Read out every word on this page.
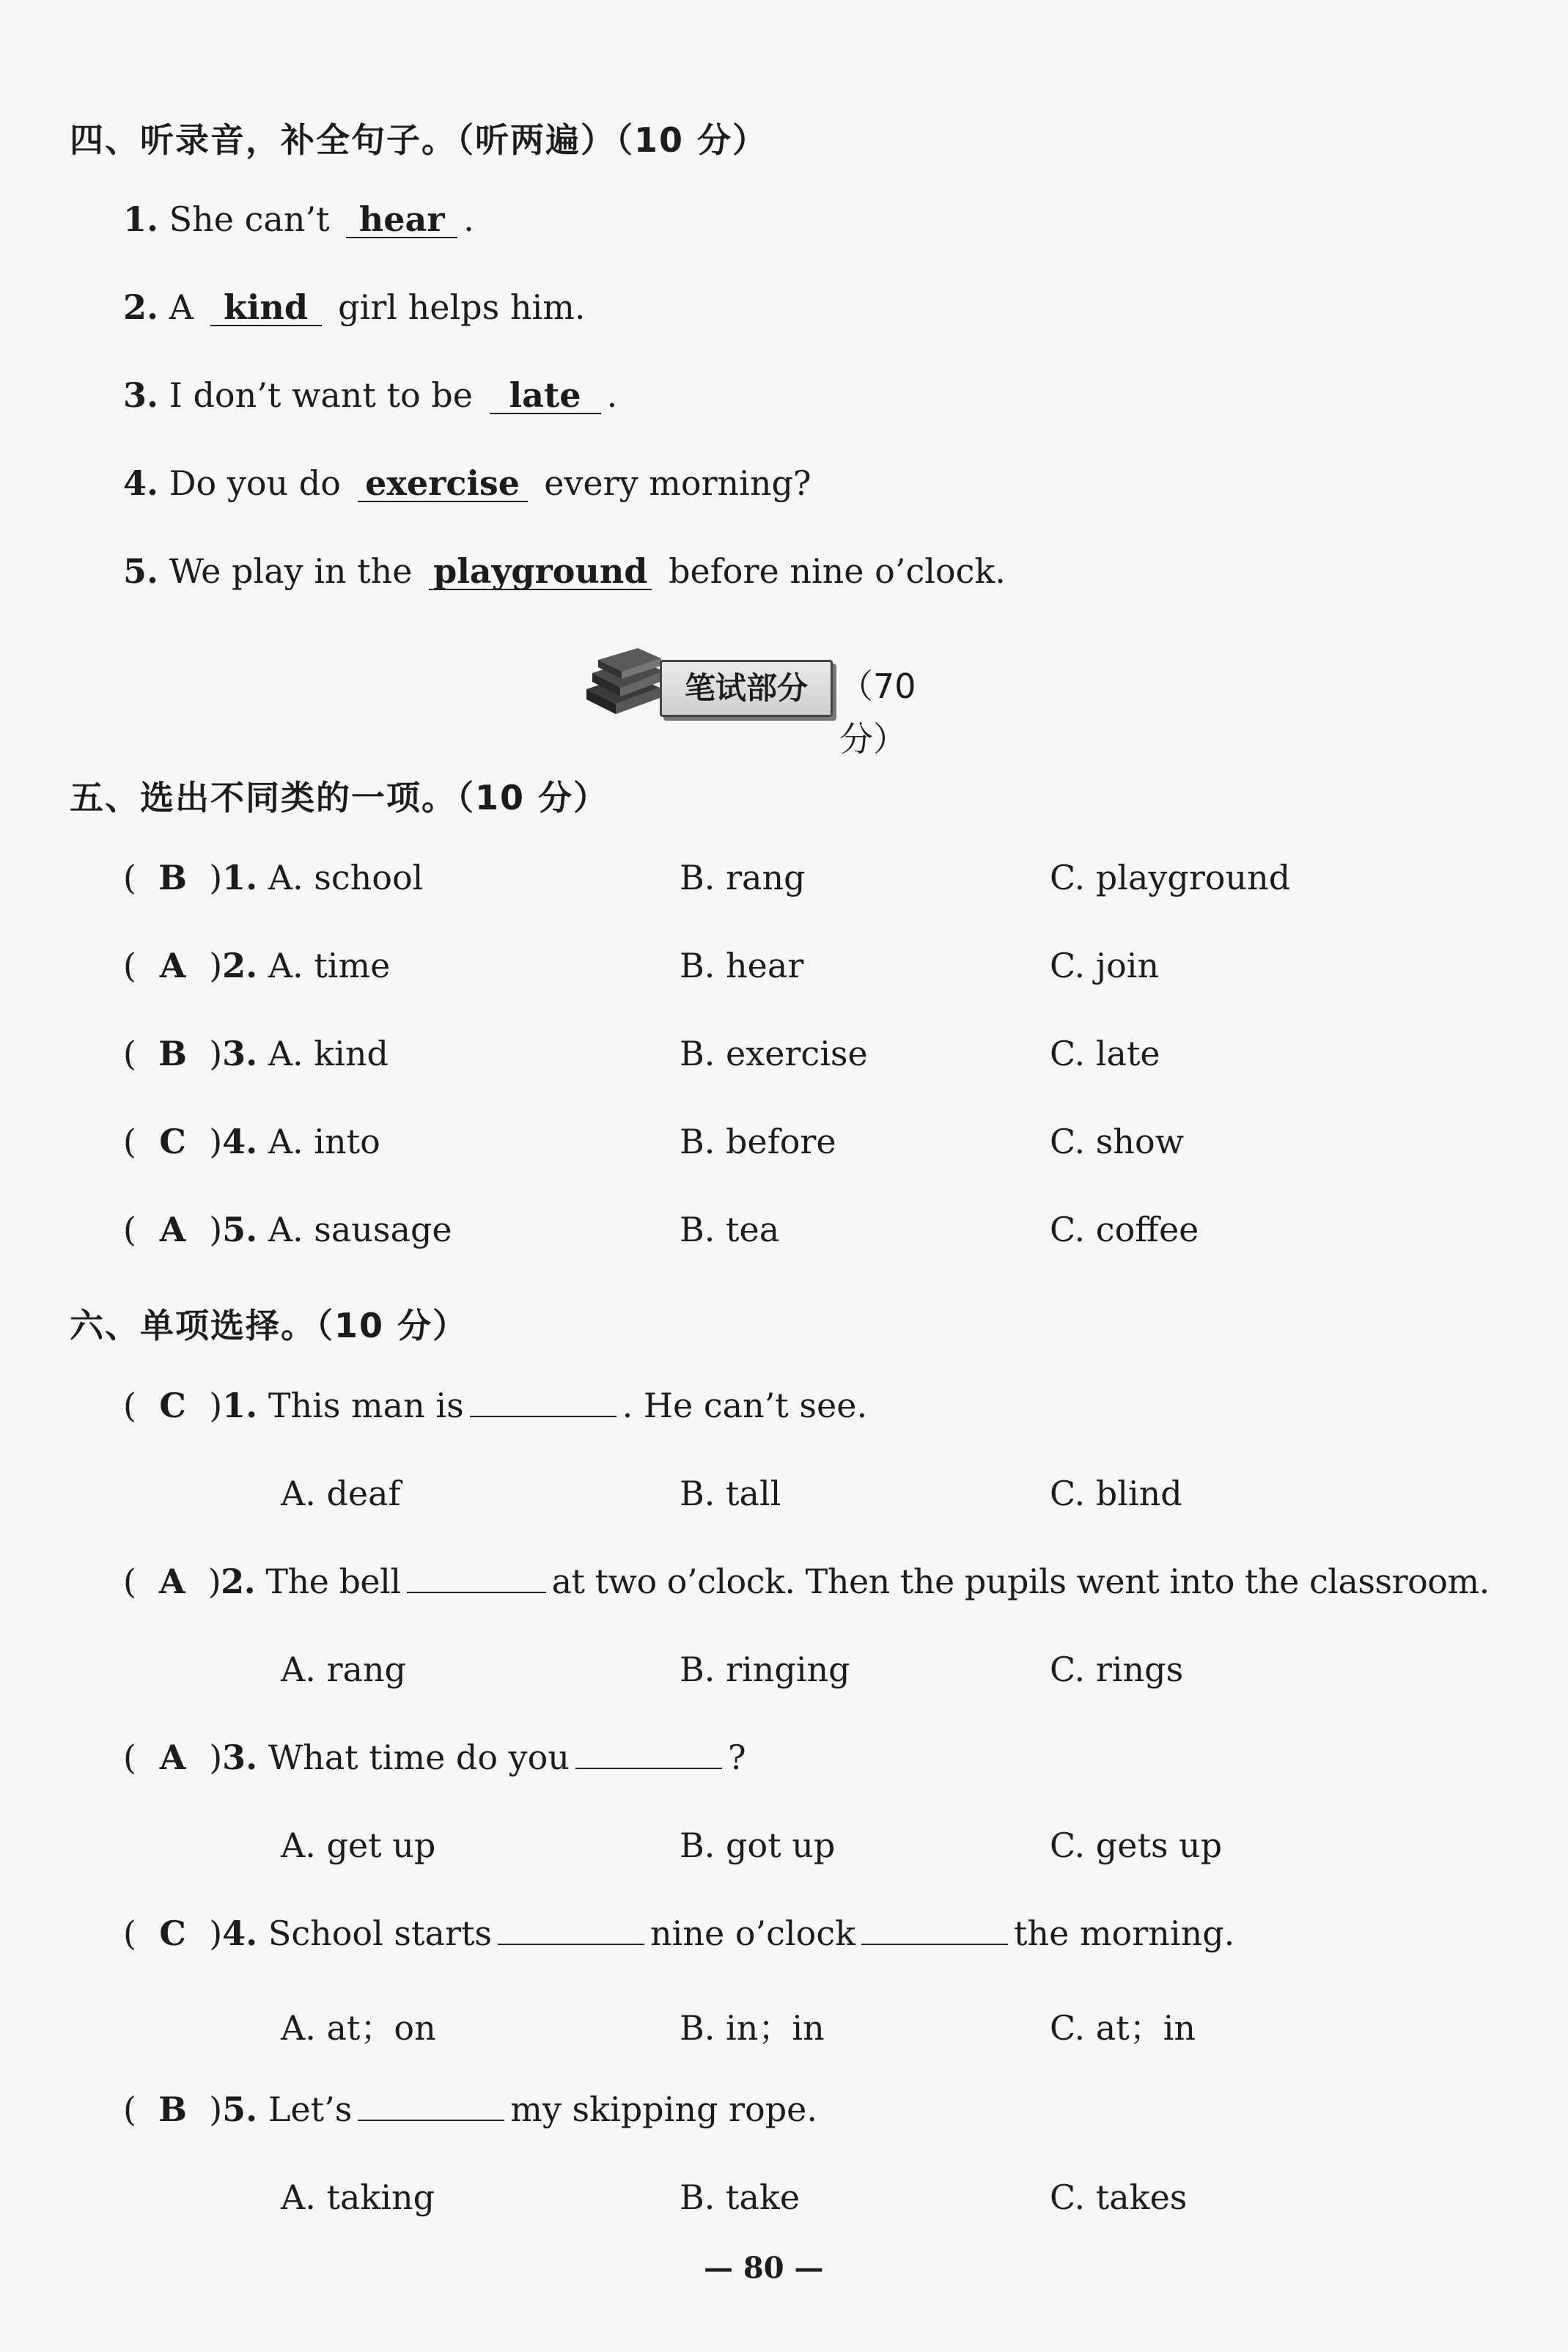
四、听录音，补全句子。（听两遍）（10 分）
1. She can’t hear .
2. A kind girl helps him.
3. I don’t want to be late .
4. Do you do exercise every morning?
5. We play in the playground before nine o’clock.
笔试部分 （70 分）
五、选出不同类的一项。（10 分）
( B )1. A. school	B. rang	C. playground
( A )2. A. time	B. hear	C. join
( B )3. A. kind	B. exercise	C. late
( C )4. A. into	B. before	C. show
( A )5. A. sausage	B. tea	C. coffee
六、单项选择。（10 分）
( C )1. This man is	. He can’t see.
A. deaf	B. tall	C. blind
( A )2. The bell	at two o’clock. Then the pupils went into the classroom.
A. rang	B. ringing	C. rings
( A )3. What time do you	?
A. get up	B. got up	C. gets up
( C )4. School starts	nine o’clock	the morning.
A. at；on	B. in；in	C. at；in
( B )5. Let’s	my skipping rope.
A. taking	B. take	C. takes
— 80 —
